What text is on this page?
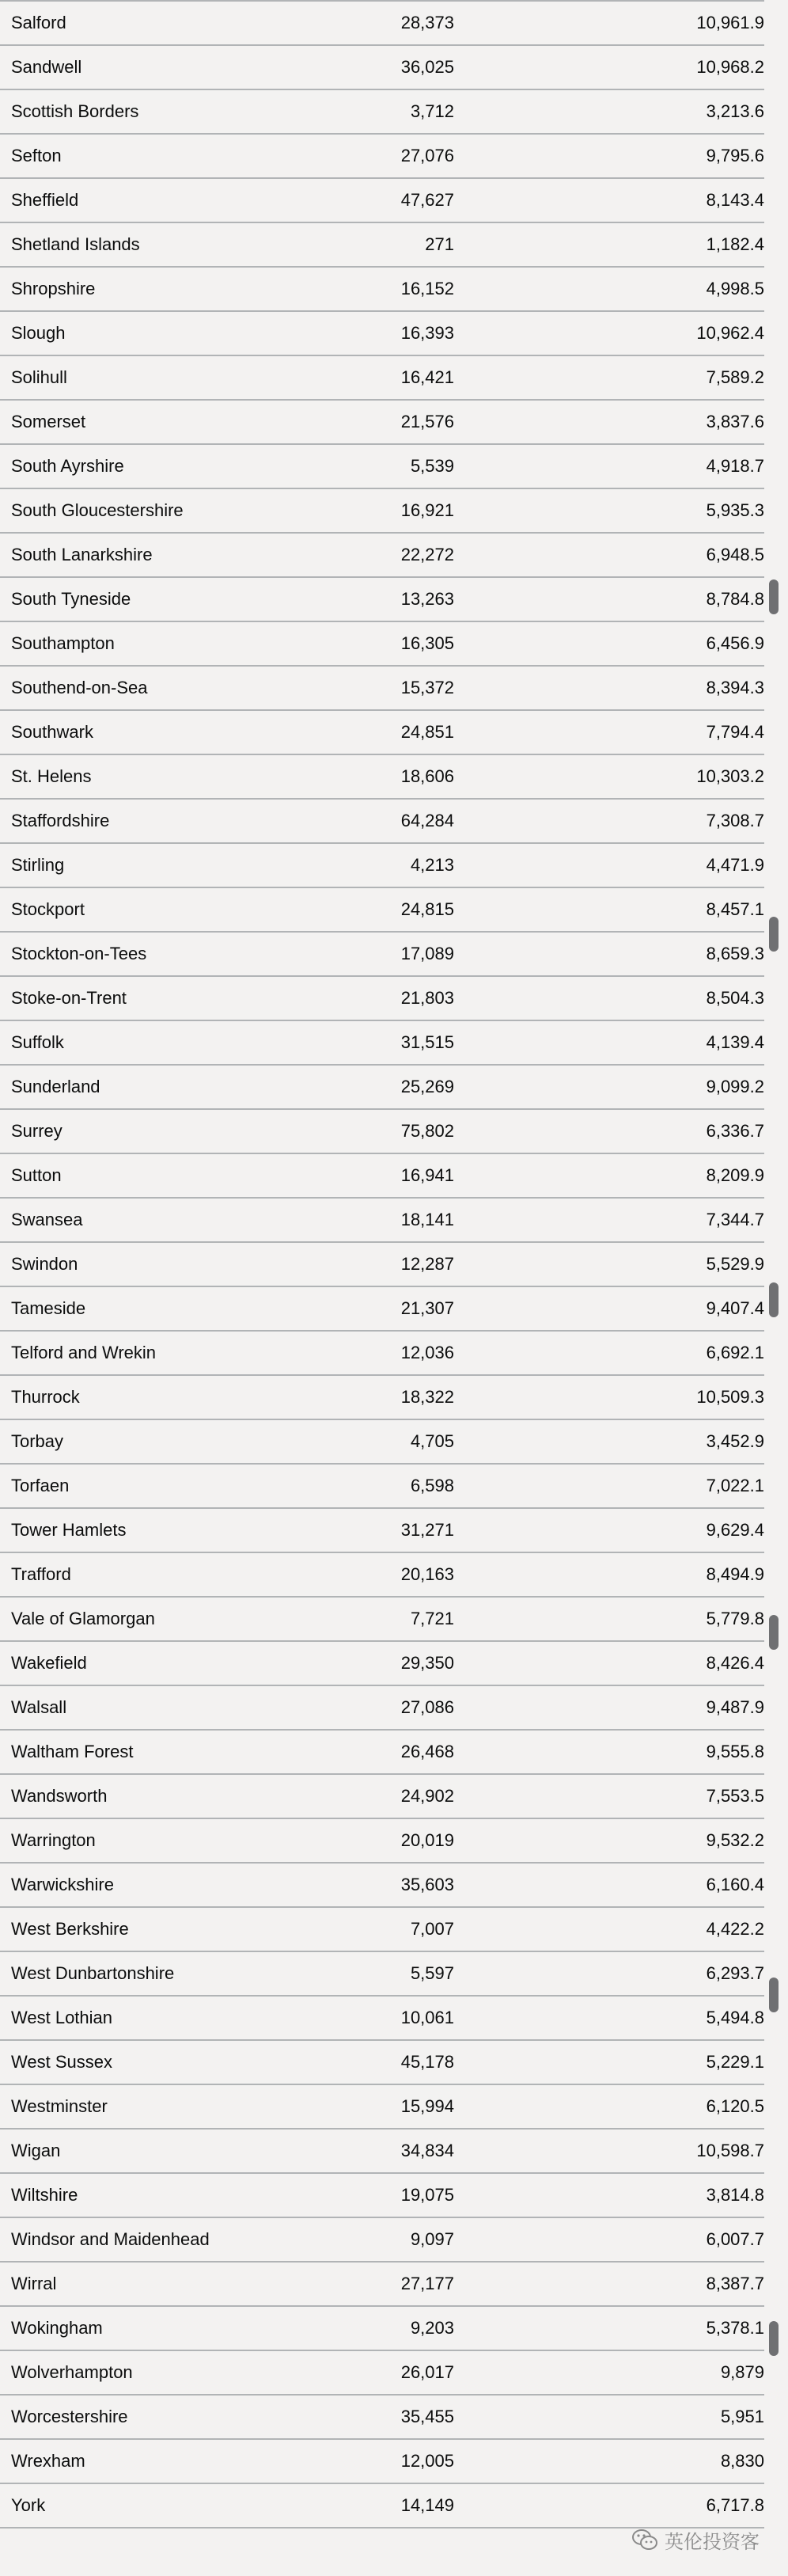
Salford	28,373	10,961.9
Sandwell	36,025	10,968.2
Scottish Borders	3,712	3,213.6
Sefton	27,076	9,795.6
Sheffield	47,627	8,143.4
Shetland Islands	271	1,182.4
Shropshire	16,152	4,998.5
Slough	16,393	10,962.4
Solihull	16,421	7,589.2
Somerset	21,576	3,837.6
South Ayrshire	5,539	4,918.7
South Gloucestershire	16,921	5,935.3
South Lanarkshire	22,272	6,948.5
South Tyneside	13,263	8,784.8
Southampton	16,305	6,456.9
Southend-on-Sea	15,372	8,394.3
Southwark	24,851	7,794.4
St. Helens	18,606	10,303.2
Staffordshire	64,284	7,308.7
Stirling	4,213	4,471.9
Stockport	24,815	8,457.1
Stockton-on-Tees	17,089	8,659.3
Stoke-on-Trent	21,803	8,504.3
Suffolk	31,515	4,139.4
Sunderland	25,269	9,099.2
Surrey	75,802	6,336.7
Sutton	16,941	8,209.9
Swansea	18,141	7,344.7
Swindon	12,287	5,529.9
Tameside	21,307	9,407.4
Telford and Wrekin	12,036	6,692.1
Thurrock	18,322	10,509.3
Torbay	4,705	3,452.9
Torfaen	6,598	7,022.1
Tower Hamlets	31,271	9,629.4
Trafford	20,163	8,494.9
Vale of Glamorgan	7,721	5,779.8
Wakefield	29,350	8,426.4
Walsall	27,086	9,487.9
Waltham Forest	26,468	9,555.8
Wandsworth	24,902	7,553.5
Warrington	20,019	9,532.2
Warwickshire	35,603	6,160.4
West Berkshire	7,007	4,422.2
West Dunbartonshire	5,597	6,293.7
West Lothian	10,061	5,494.8
West Sussex	45,178	5,229.1
Westminster	15,994	6,120.5
Wigan	34,834	10,598.7
Wiltshire	19,075	3,814.8
Windsor and Maidenhead	9,097	6,007.7
Wirral	27,177	8,387.7
Wokingham	9,203	5,378.1
Wolverhampton	26,017	9,879
Worcestershire	35,455	5,951
Wrexham	12,005	8,830
York	14,149	6,717.8
英伦投资客
